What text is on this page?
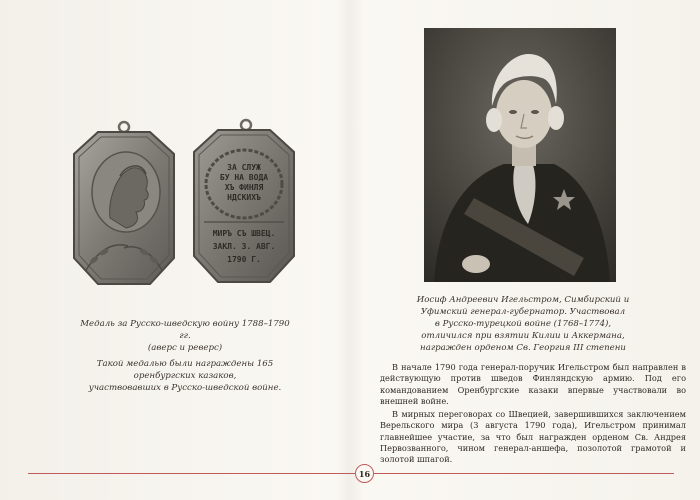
ЗА СЛУЖ
БУ НА ВОДА
ХЪ ФИНЛЯ
НДСКИХЪ
МИРЪ СЪ ШВЕЦ.
ЗАКЛ. 3. АВГ.
1790 Г.
Медаль за Русско-шведскую войну 1788–1790 гг.
(аверс и реверс)
Такой медалью были награждены 165 оренбургских казаков,
участвовавших в Русско-шведской войне.
Иосиф Андреевич Игельстром, Симбирский и
Уфимский генерал-губернатор. Участвовал
в Русско-турецкой войне (1768–1774),
отличился при взятии Килии и Аккермана,
награжден орденом Св. Георгия III степени

В начале 1790 года генерал-поручик Игельстром был направлен в действующую против шведов Финляндскую армию. Под его командованием Оренбургские казаки впервые участвовали во внешней войне.

В мирных переговорах со Швецией, завершившихся заключением Верельского мира (3 августа 1790 года), Игельстром принимал главнейшее участие, за что был награжден орденом Св. Андрея Первозванного, чином генерал-аншефа, позолотой грамотой и золотой шпагой.

16
